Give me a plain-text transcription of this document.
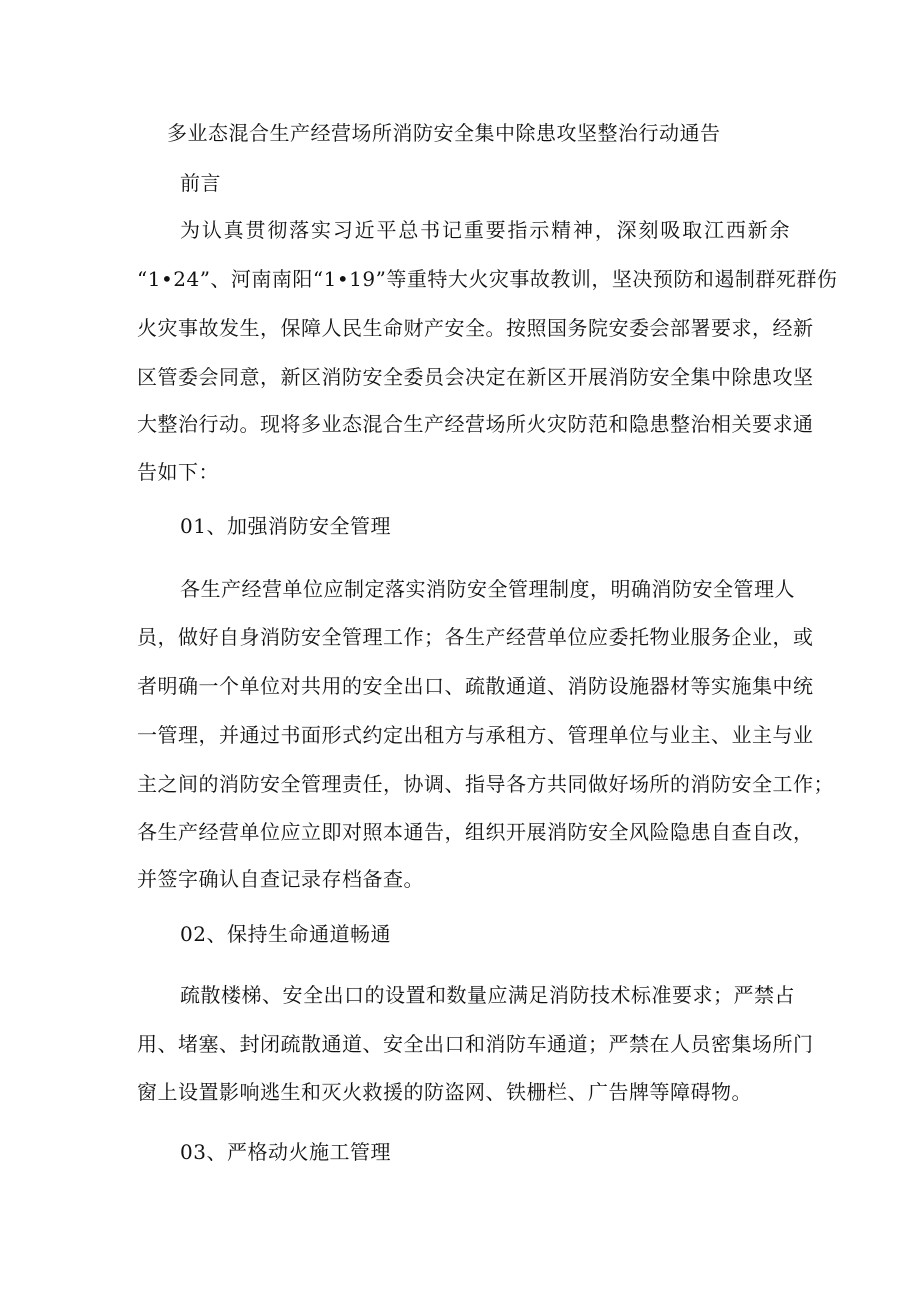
多业态混合生产经营场所消防安全集中除患攻坚整治行动通告
前言
为认真贯彻落实习近平总书记重要指示精神，深刻吸取江西新余
“1•24”、河南南阳“1•19”等重特大火灾事故教训，坚决预防和遏制群死群伤
火灾事故发生，保障人民生命财产安全。按照国务院安委会部署要求，经新
区管委会同意，新区消防安全委员会决定在新区开展消防安全集中除患攻坚
大整治行动。现将多业态混合生产经营场所火灾防范和隐患整治相关要求通
告如下：
01、加强消防安全管理
各生产经营单位应制定落实消防安全管理制度，明确消防安全管理人
员，做好自身消防安全管理工作；各生产经营单位应委托物业服务企业，或
者明确一个单位对共用的安全出口、疏散通道、消防设施器材等实施集中统
一管理，并通过书面形式约定出租方与承租方、管理单位与业主、业主与业
主之间的消防安全管理责任，协调、指导各方共同做好场所的消防安全工作；
各生产经营单位应立即对照本通告，组织开展消防安全风险隐患自查自改，
并签字确认自查记录存档备查。
02、保持生命通道畅通
疏散楼梯、安全出口的设置和数量应满足消防技术标准要求；严禁占
用、堵塞、封闭疏散通道、安全出口和消防车通道；严禁在人员密集场所门
窗上设置影响逃生和灭火救援的防盗网、铁栅栏、广告牌等障碍物。
03、严格动火施工管理
